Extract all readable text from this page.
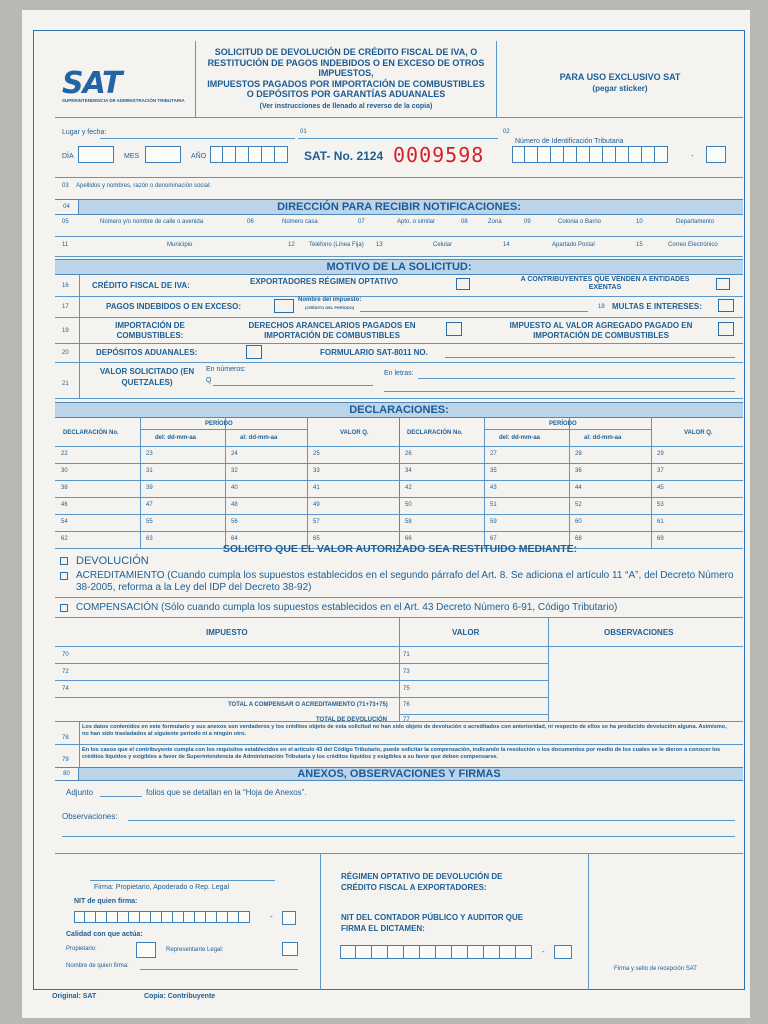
SAT
SUPERINTENDENCIA DE ADMINISTRACIÓN TRIBUTARIA
SOLICITUD DE DEVOLUCIÓN DE CRÉDITO FISCAL DE IVA, O
RESTITUCIÓN DE PAGOS INDEBIDOS O EN EXCESO DE OTROS IMPUESTOS,
IMPUESTOS PAGADOS POR IMPORTACIÓN DE COMBUSTIBLES
O DEPÓSITOS POR GARANTÍAS ADUANALES
(Ver instrucciones de llenado al reverso de la copia)
PARA USO EXCLUSIVO SAT
(pegar sticker)
Lugar y fecha:	01	02
Número de Identificación Tributaria
DÍA	MES	AÑO	SAT- No. 2124 0009598	-
03 Apellidos y nombres, razón o denominación social:
04	DIRECCIÓN PARA RECIBIR NOTIFICACIONES:
05	Número y/o nombre de calle o avenida	06	Número casa	07	Apto. o similar	08	Zona	09	Colonia o Barrio	10	Departamento
11	Municipio	12 Teléfono (Línea Fija) 13	Celular	14	Apartado Postal	15	Correo Electrónico
MOTIVO DE LA SOLICITUD:
16	CRÉDITO FISCAL DE IVA:	EXPORTADORES RÉGIMEN OPTATIVO	A CONTRIBUYENTES QUE VENDEN A ENTIDADES EXENTAS
17	PAGOS INDEBIDOS O EN EXCESO:
Nombre del impuesto:
(CRÉDITO DEL PERÍODO)	18 MULTAS E INTERESES:
19
IMPORTACIÓN DE COMBUSTIBLES:
DERECHOS ARANCELARIOS PAGADOS EN IMPORTACIÓN DE COMBUSTIBLES
IMPUESTO AL VALOR AGREGADO PAGADO EN IMPORTACIÓN DE COMBUSTIBLES
20	DEPÓSITOS ADUANALES:	FORMULARIO SAT-8011 NO.
21
VALOR SOLICITADO (EN QUETZALES)
En números:
Q
En letras:
DECLARACIONES:
DECLARACIÓN No.
PERÍODO
del: dd-mm-aa	al: dd-mm-aa
VALOR Q.	DECLARACIÓN No.
PERÍODO
del: dd-mm-aa	al: dd-mm-aa
VALOR Q.
22	23	24	25	26	27	28	29
30	31	32	33	34	35	36	37
38	39	40	41	42	43	44	45
46	47	48	49	50	51	52	53
54	55	56	57	58	59	60	61
62	63	64	65	66	67	68	69
SOLICITO QUE EL VALOR AUTORIZADO SEA RESTITUIDO MEDIANTE:
DEVOLUCIÓN
ACREDITAMIENTO (Cuando cumpla los supuestos establecidos en el segundo párrafo del Art. 8. Se adiciona el artículo 11 “A”, del Decreto Número 38-2005, reforma a la Ley del IDP del Decreto 38-92)
COMPENSACIÓN (Sólo cuando cumpla los supuestos establecidos en el Art. 43 Decreto Número 6-91, Código Tributario)
IMPUESTO	VALOR	OBSERVACIONES
70	71
72	73
74	75
TOTAL A COMPENSAR O ACREDITAMIENTO (71+73+75)	76
TOTAL DE DEVOLUCIÓN	77
78
Los datos contenidos en este formulario y sus anexos son verdaderos y los créditos objeto de esta solicitud no han sido objeto de devolución o acreditados con anterioridad, ni respecto de ellos se ha producido devolución alguna. Asimismo, no han sido trasladados al siguiente período ni a ningún otro.
79
En los casos que el contribuyente cumpla con los requisitos establecidos en el artículo 43 del Código Tributario, puede solicitar la compensación, indicando la resolución o los documentos por medio de los cuales se le dieron a conocer los créditos líquidos y exigibles a favor de Superintendencia de Administración Tributaria y los créditos líquidos y exigibles a su favor que deben compensarse.
80	ANEXOS, OBSERVACIONES Y FIRMAS
Adjunto	folios que se detallan en la “Hoja de Anexos”.
Observaciones:
Firma: Propietario, Apoderado o Rep. Legal
NIT de quien firma:
-
Calidad con que actúa:
Propietario:	Representante Legal:
Nombre de quien firma:
RÉGIMEN OPTATIVO DE DEVOLUCIÓN DE CRÉDITO FISCAL A EXPORTADORES:
NIT DEL CONTADOR PÚBLICO Y AUDITOR QUE FIRMA EL DICTAMEN:
-
Firma y sello de recepción SAT
Original: SAT	Copia: Contribuyente
